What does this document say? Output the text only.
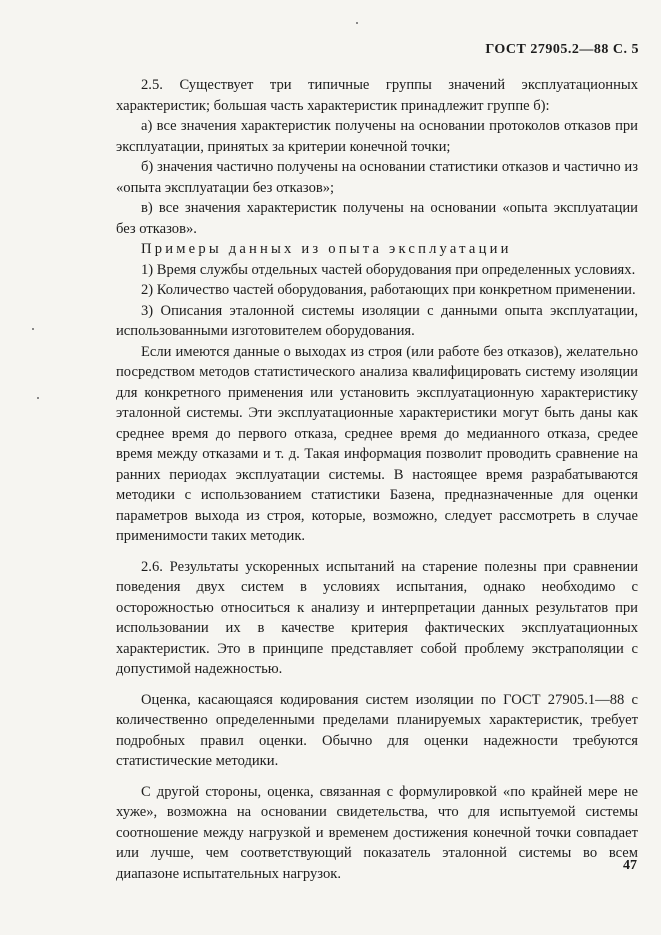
ГОСТ 27905.2—88 С. 5

2.5. Существует три типичные группы значений эксплуатационных характеристик; большая часть характеристик принадлежит группе б):

а) все значения характеристик получены на основании протоколов отказов при эксплуатации, принятых за критерии конечной точки;

б) значения частично получены на основании статистики отказов и частично из «опыта эксплуатации без отказов»;

в) все значения характеристик получены на основании «опыта эксплуатации без отказов».

Примеры данных из опыта эксплуатации

1) Время службы отдельных частей оборудования при определенных условиях.

2) Количество частей оборудования, работающих при конкретном применении.

3) Описания эталонной системы изоляции с данными опыта эксплуатации, использованными изготовителем оборудования.

Если имеются данные о выходах из строя (или работе без отказов), желательно посредством методов статистического анализа квалифицировать систему изоляции для конкретного применения или установить эксплуатационную характеристику эталонной системы. Эти эксплуатационные характеристики могут быть даны как среднее время до первого отказа, среднее время до медианного отказа, средее время между отказами и т. д. Такая информация позволит проводить сравнение на ранних периодах эксплуатации системы. В настоящее время разрабатываются методики с использованием статистики Базена, предназначенные для оценки параметров выхода из строя, которые, возможно, следует рассмотреть в случае применимости таких методик.

2.6. Результаты ускоренных испытаний на старение полезны при сравнении поведения двух систем в условиях испытания, однако необходимо с осторожностью относиться к анализу и интерпретации данных результатов при использовании их в качестве критерия фактических эксплуатационных характеристик. Это в принципе представляет собой проблему экстраполяции с допустимой надежностью.

Оценка, касающаяся кодирования систем изоляции по ГОСТ 27905.1—88 с количественно определенными пределами планируемых характеристик, требует подробных правил оценки. Обычно для оценки надежности требуются статистические методики.

С другой стороны, оценка, связанная с формулировкой «по крайней мере не хуже», возможна на основании свидетельства, что для испытуемой системы соотношение между нагрузкой и временем достижения конечной точки совпадает или лучше, чем соответствующий показатель эталонной системы во всем диапазоне испытательных нагрузок.	47
